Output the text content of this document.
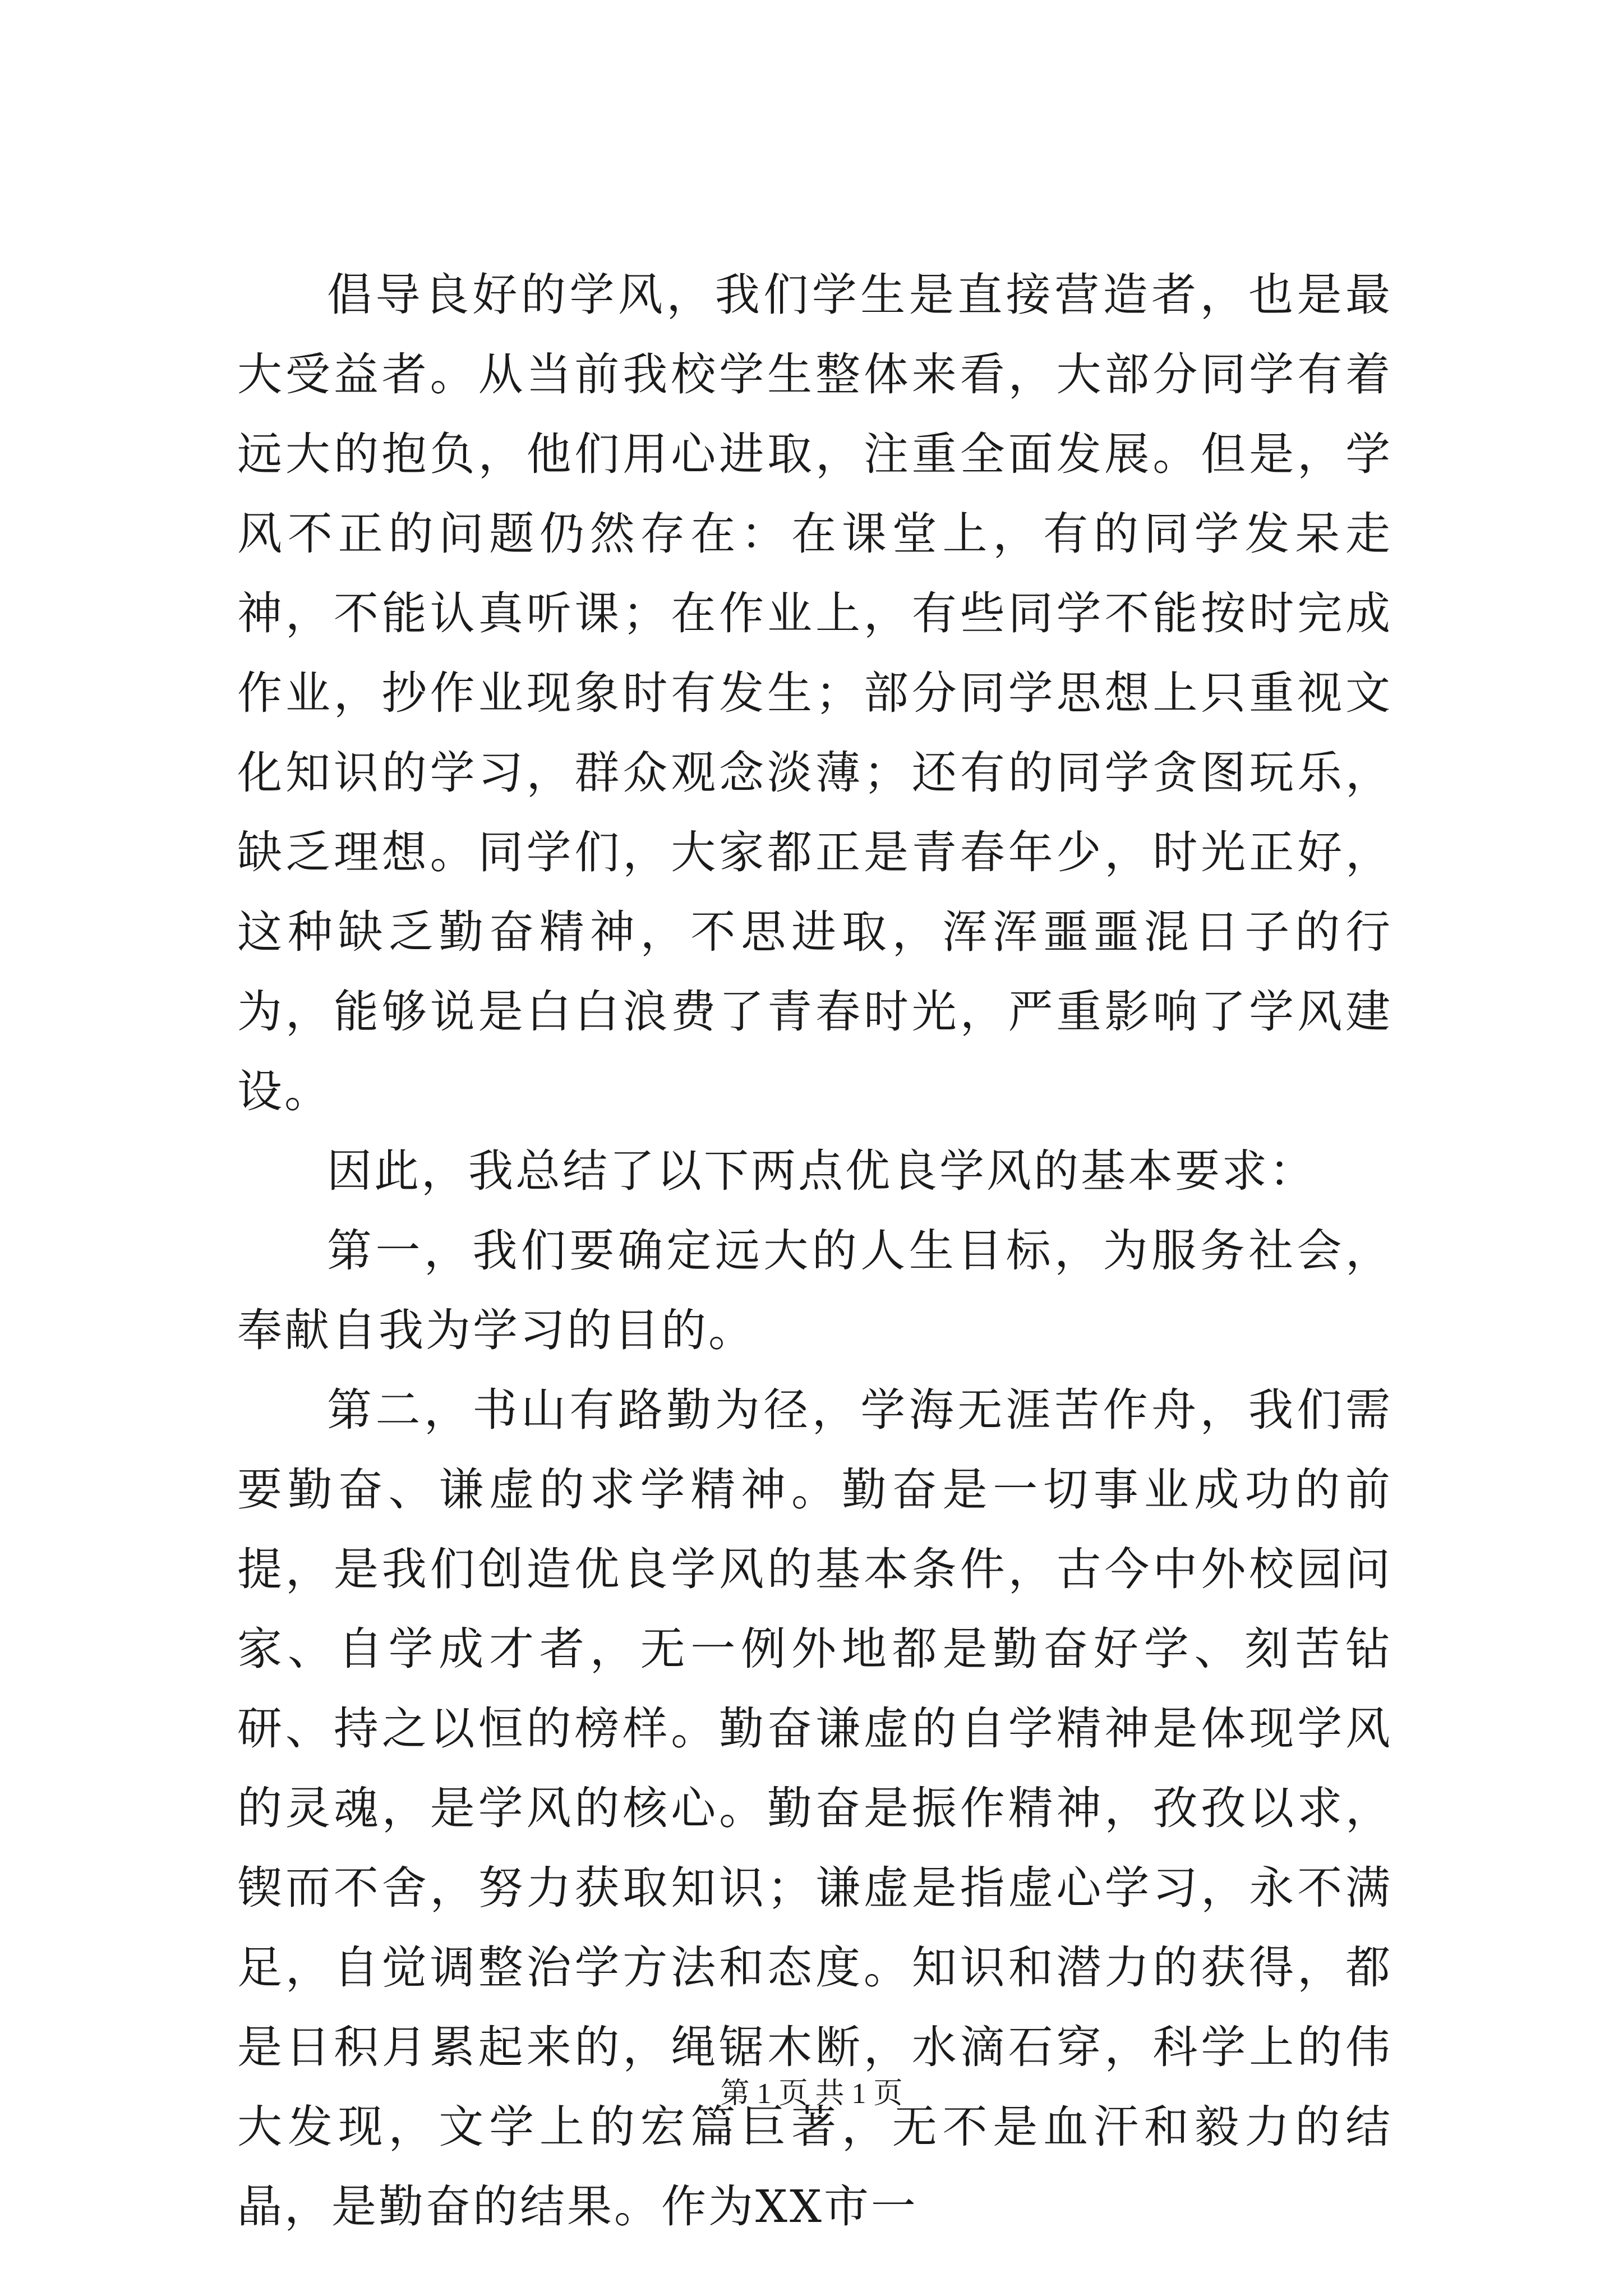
倡导良好的学风，我们学生是直接营造者，也是最大受益者。从当前我校学生整体来看，大部分同学有着远大的抱负，他们用心进取，注重全面发展。但是，学风不正的问题仍然存在：在课堂上，有的同学发呆走神，不能认真听课；在作业上，有些同学不能按时完成作业，抄作业现象时有发生；部分同学思想上只重视文化知识的学习，群众观念淡薄；还有的同学贪图玩乐，缺乏理想。同学们，大家都正是青春年少，时光正好，这种缺乏勤奋精神，不思进取，浑浑噩噩混日子的行为，能够说是白白浪费了青春时光，严重影响了学风建设。

因此，我总结了以下两点优良学风的基本要求：

第一，我们要确定远大的人生目标，为服务社会，奉献自我为学习的目的。

第二，书山有路勤为径，学海无涯苦作舟，我们需要勤奋、谦虚的求学精神。勤奋是一切事业成功的前提，是我们创造优良学风的基本条件，古今中外校园问家、自学成才者，无一例外地都是勤奋好学、刻苦钻研、持之以恒的榜样。勤奋谦虚的自学精神是体现学风的灵魂，是学风的核心。勤奋是振作精神，孜孜以求，锲而不舍，努力获取知识；谦虚是指虚心学习，永不满足，自觉调整治学方法和态度。知识和潜力的获得，都是日积月累起来的，绳锯木断，水滴石穿，科学上的伟大发现，文学上的宏篇巨著，无不是血汗和毅力的结晶，是勤奋的结果。作为XX市一

第 1 页 共 1 页
